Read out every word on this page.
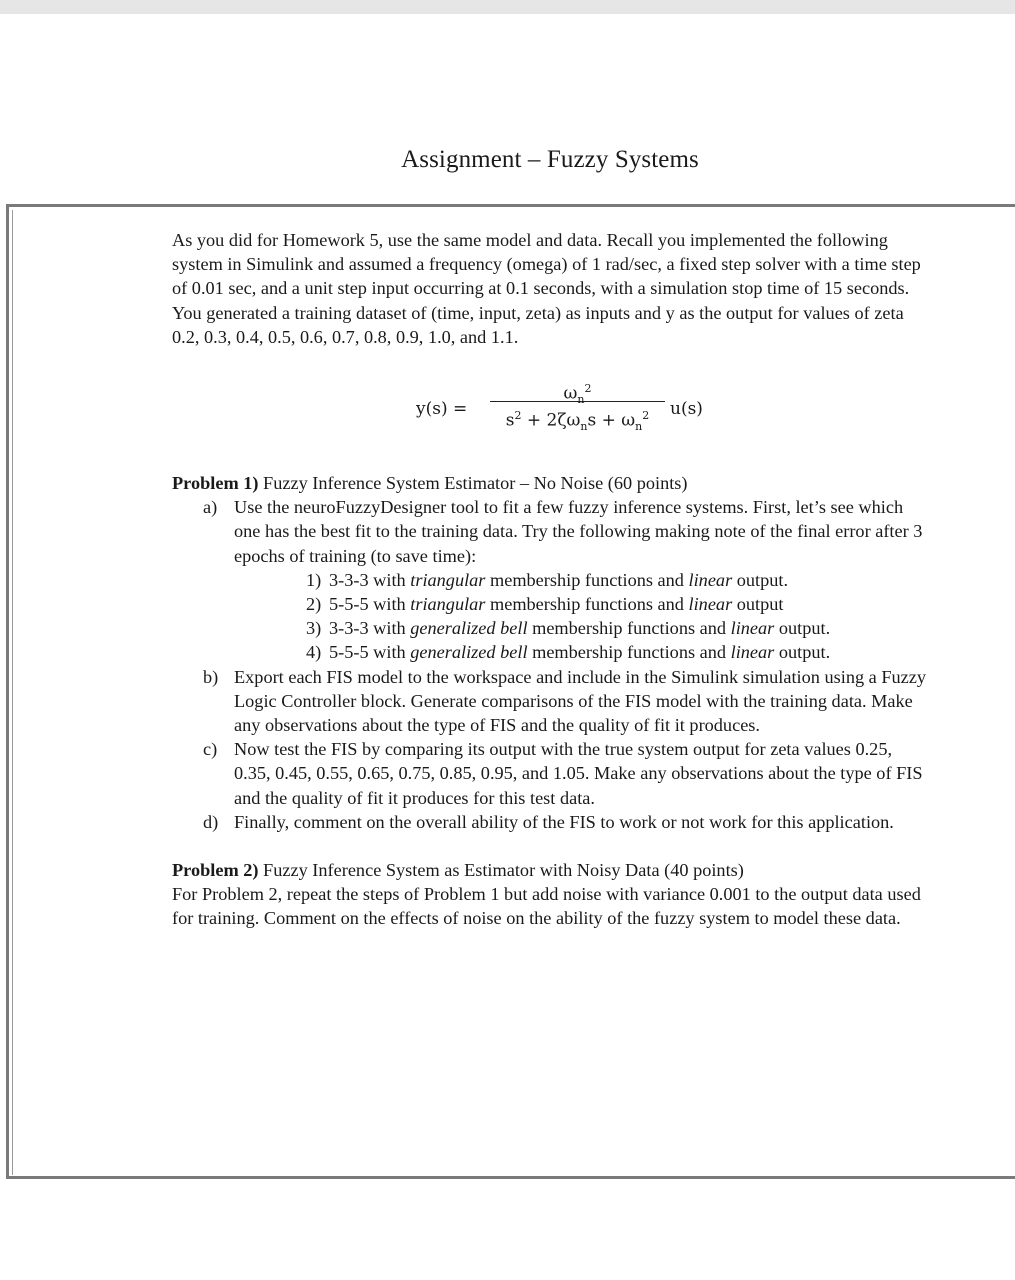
Assignment – Fuzzy Systems

As you did for Homework 5, use the same model and data. Recall you implemented the following system in Simulink and assumed a frequency (omega) of 1 rad/sec, a fixed step solver with a time step of 0.01 sec, and a unit step input occurring at 0.1 seconds, with a simulation stop time of 15 seconds. You generated a training dataset of (time, input, zeta) as inputs and y as the output for values of zeta 0.2, 0.3, 0.4, 0.5, 0.6, 0.7, 0.8, 0.9, 1.0, and 1.1.

y(s) =
$\omega_n^2$
$s^2 + 2\zeta\omega_ns + \omega_n^2$	u(s)

Problem 1) Fuzzy Inference System Estimator – No Noise (60 points)

a) Use the neuroFuzzyDesigner tool to fit a few fuzzy inference systems. First, let’s see which one has the best fit to the training data. Try the following making note of the final error after 3 epochs of training (to save time):
1) 3-3-3 with triangular membership functions and linear output.
2) 5-5-5 with triangular membership functions and linear output
3) 3-3-3 with generalized bell membership functions and linear output.
4) 5-5-5 with generalized bell membership functions and linear output.
b) Export each FIS model to the workspace and include in the Simulink simulation using a Fuzzy Logic Controller block. Generate comparisons of the FIS model with the training data. Make any observations about the type of FIS and the quality of fit it produces.
c) Now test the FIS by comparing its output with the true system output for zeta values 0.25, 0.35, 0.45, 0.55, 0.65, 0.75, 0.85, 0.95, and 1.05. Make any observations about the type of FIS and the quality of fit it produces for this test data.
d) Finally, comment on the overall ability of the FIS to work or not work for this application.

Problem 2) Fuzzy Inference System as Estimator with Noisy Data (40 points)

For Problem 2, repeat the steps of Problem 1 but add noise with variance 0.001 to the output data used for training. Comment on the effects of noise on the ability of the fuzzy system to model these data.
